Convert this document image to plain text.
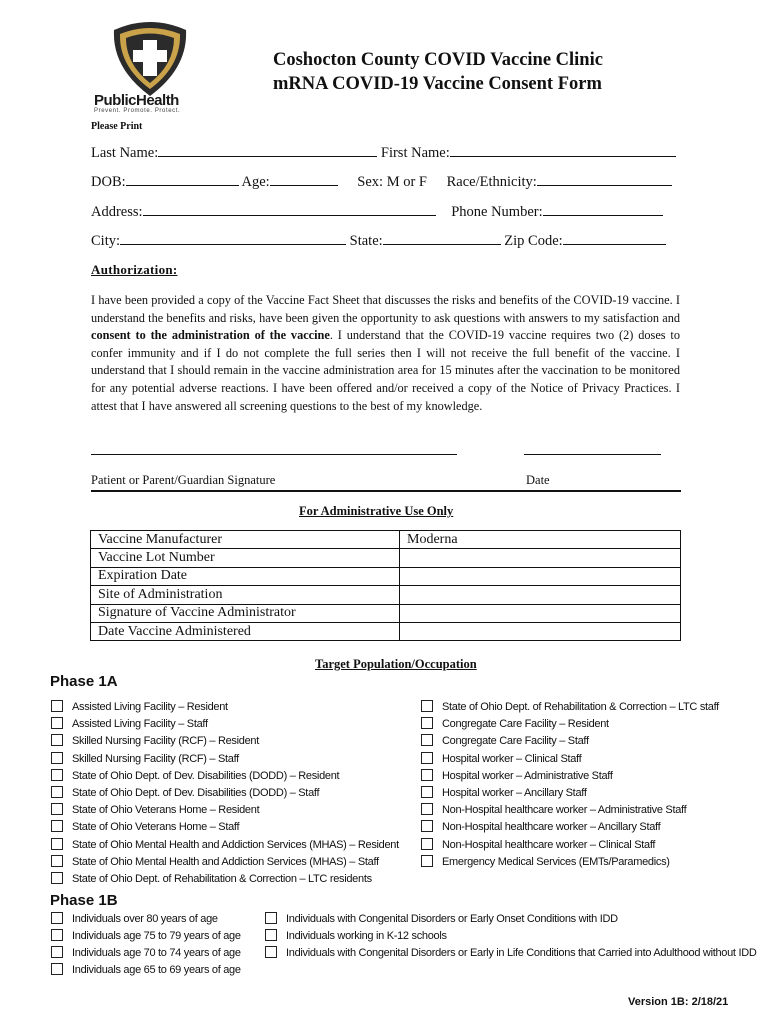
PublicHealth
Prevent. Promote. Protect.
Please Print
Coshocton County COVID Vaccine Clinic
mRNA COVID-19 Vaccine Consent Form
Last Name:	First Name:
DOB:	Age:	Sex: M or F Race/Ethnicity:
Address:	Phone Number:
City:	State:	Zip Code:
Authorization:
I have been provided a copy of the Vaccine Fact Sheet that discusses the risks and benefits of the COVID-19 vaccine. I understand the benefits and risks, have been given the opportunity to ask questions with answers to my satisfaction and consent to the administration of the vaccine. I understand that the COVID-19 vaccine requires two (2) doses to confer immunity and if I do not complete the full series then I will not receive the full benefit of the vaccine. I understand that I should remain in the vaccine administration area for 15 minutes after the vaccination to be monitored for any potential adverse reactions. I have been offered and/or received a copy of the Notice of Privacy Practices. I attest that I have answered all screening questions to the best of my knowledge.
Patient or Parent/Guardian Signature	Date
For Administrative Use Only
Vaccine Manufacturer	Moderna
Vaccine Lot Number	
Expiration Date	
Site of Administration	
Signature of Vaccine Administrator	
Date Vaccine Administered	
Target Population/Occupation
Phase 1A
Phase 1B
Assisted Living Facility – Resident
Assisted Living Facility – Staff
Skilled Nursing Facility (RCF) – Resident
Skilled Nursing Facility (RCF) – Staff
State of Ohio Dept. of Dev. Disabilities (DODD) – Resident
State of Ohio Dept. of Dev. Disabilities (DODD) – Staff
State of Ohio Veterans Home – Resident
State of Ohio Veterans Home – Staff
State of Ohio Mental Health and Addiction Services (MHAS) – Resident
State of Ohio Mental Health and Addiction Services (MHAS) – Staff
State of Ohio Dept. of Rehabilitation & Correction – LTC residents
State of Ohio Dept. of Rehabilitation & Correction – LTC staff
Congregate Care Facility – Resident
Congregate Care Facility – Staff
Hospital worker – Clinical Staff
Hospital worker – Administrative Staff
Hospital worker – Ancillary Staff
Non-Hospital healthcare worker – Administrative Staff
Non-Hospital healthcare worker – Ancillary Staff
Non-Hospital healthcare worker – Clinical Staff
Emergency Medical Services (EMTs/Paramedics)
Individuals over 80 years of age
Individuals age 75 to 79 years of age
Individuals age 70 to 74 years of age
Individuals age 65 to 69 years of age
Individuals with Congenital Disorders or Early Onset Conditions with IDD
Individuals working in K-12 schools
Individuals with Congenital Disorders or Early in Life Conditions that Carried into Adulthood without IDD
Version 1B: 2/18/21
